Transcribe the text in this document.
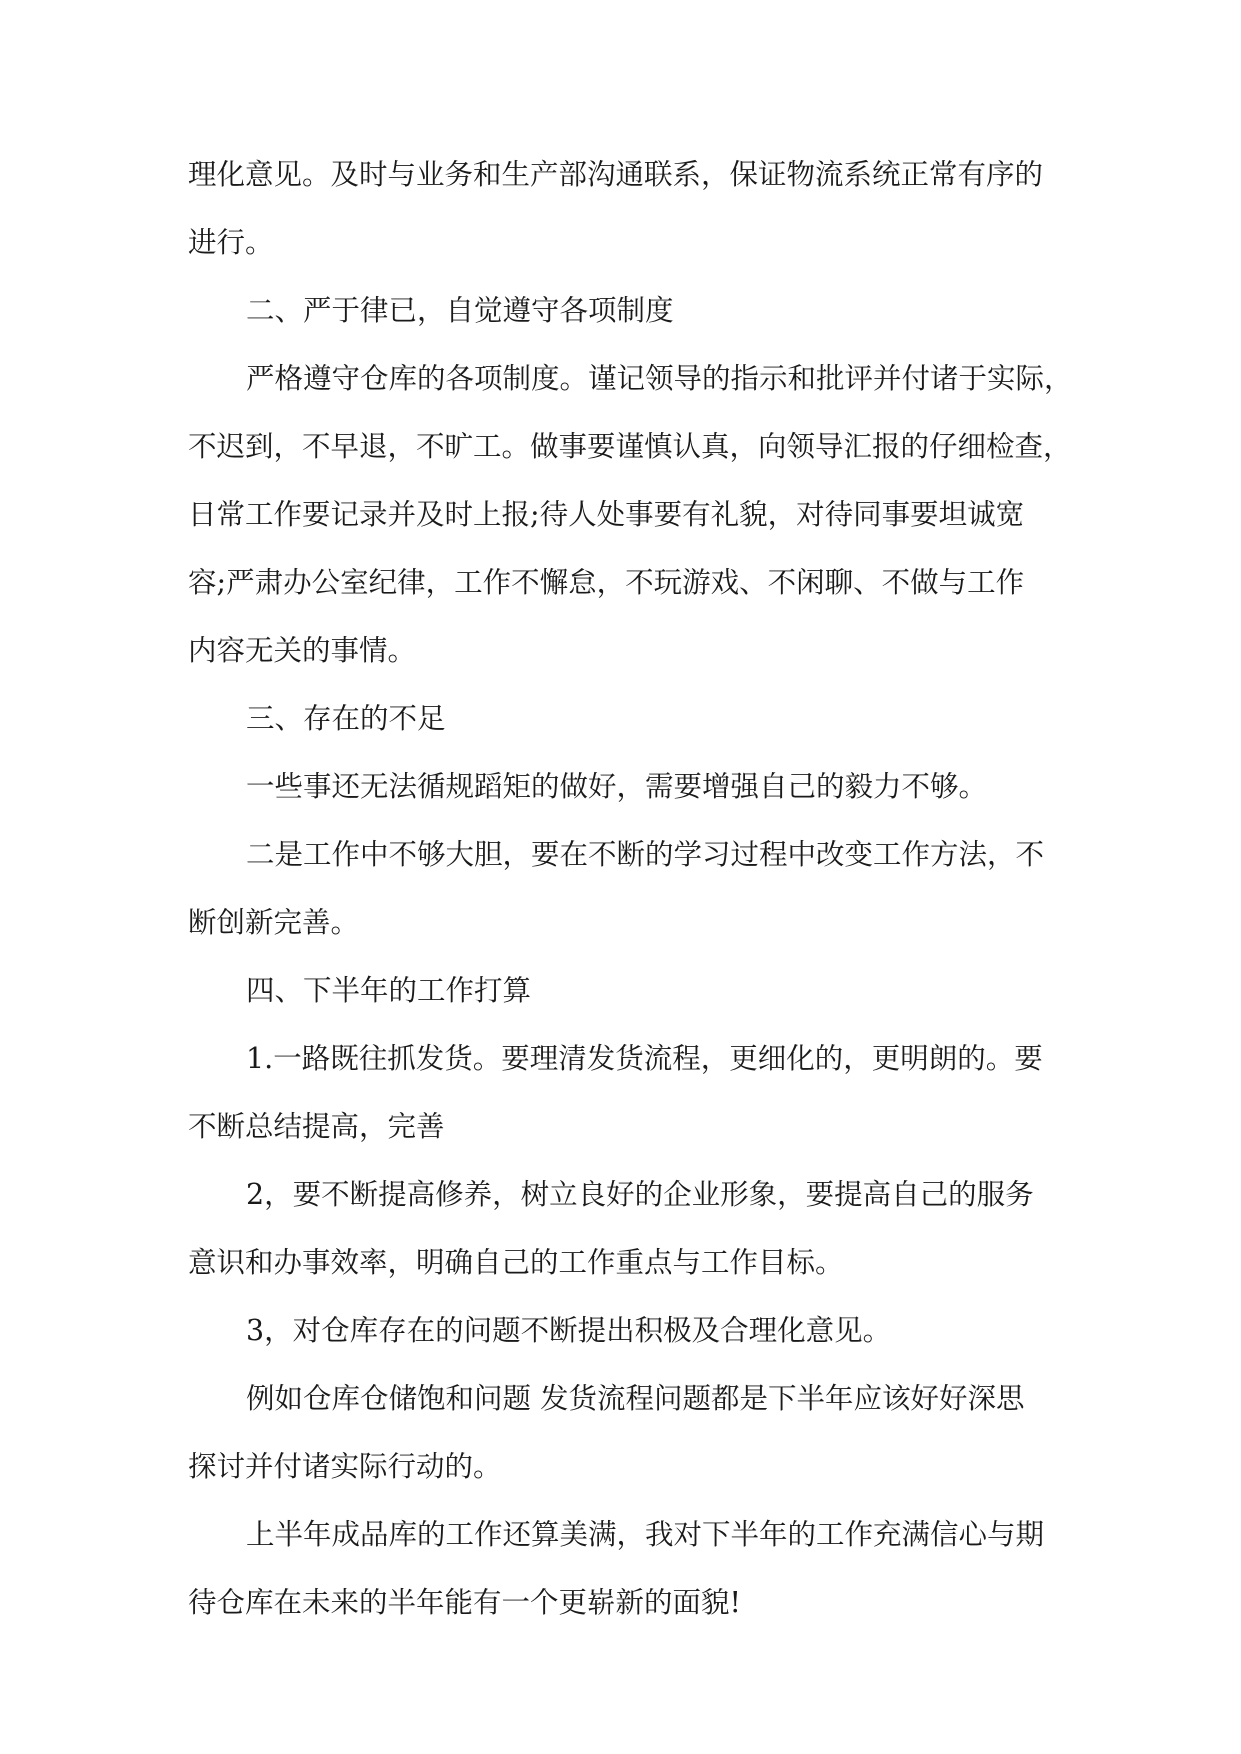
理化意见。及时与业务和生产部沟通联系，保证物流系统正常有序的
进行。
二、严于律已，自觉遵守各项制度
严格遵守仓库的各项制度。谨记领导的指示和批评并付诸于实际，
不迟到，不早退，不旷工。做事要谨慎认真，向领导汇报的仔细检查，
日常工作要记录并及时上报;待人处事要有礼貌，对待同事要坦诚宽
容;严肃办公室纪律，工作不懈怠，不玩游戏、不闲聊、不做与工作
内容无关的事情。
三、存在的不足
一些事还无法循规蹈矩的做好，需要增强自己的毅力不够。
二是工作中不够大胆，要在不断的学习过程中改变工作方法，不
断创新完善。
四、下半年的工作打算
1.一路既往抓发货。要理清发货流程，更细化的，更明朗的。要
不断总结提高，完善
2，要不断提高修养，树立良好的企业形象，要提高自己的服务
意识和办事效率，明确自己的工作重点与工作目标。
3，对仓库存在的问题不断提出积极及合理化意见。
例如仓库仓储饱和问题 发货流程问题都是下半年应该好好深思
探讨并付诸实际行动的。
上半年成品库的工作还算美满，我对下半年的工作充满信心与期
待仓库在未来的半年能有一个更崭新的面貌!
